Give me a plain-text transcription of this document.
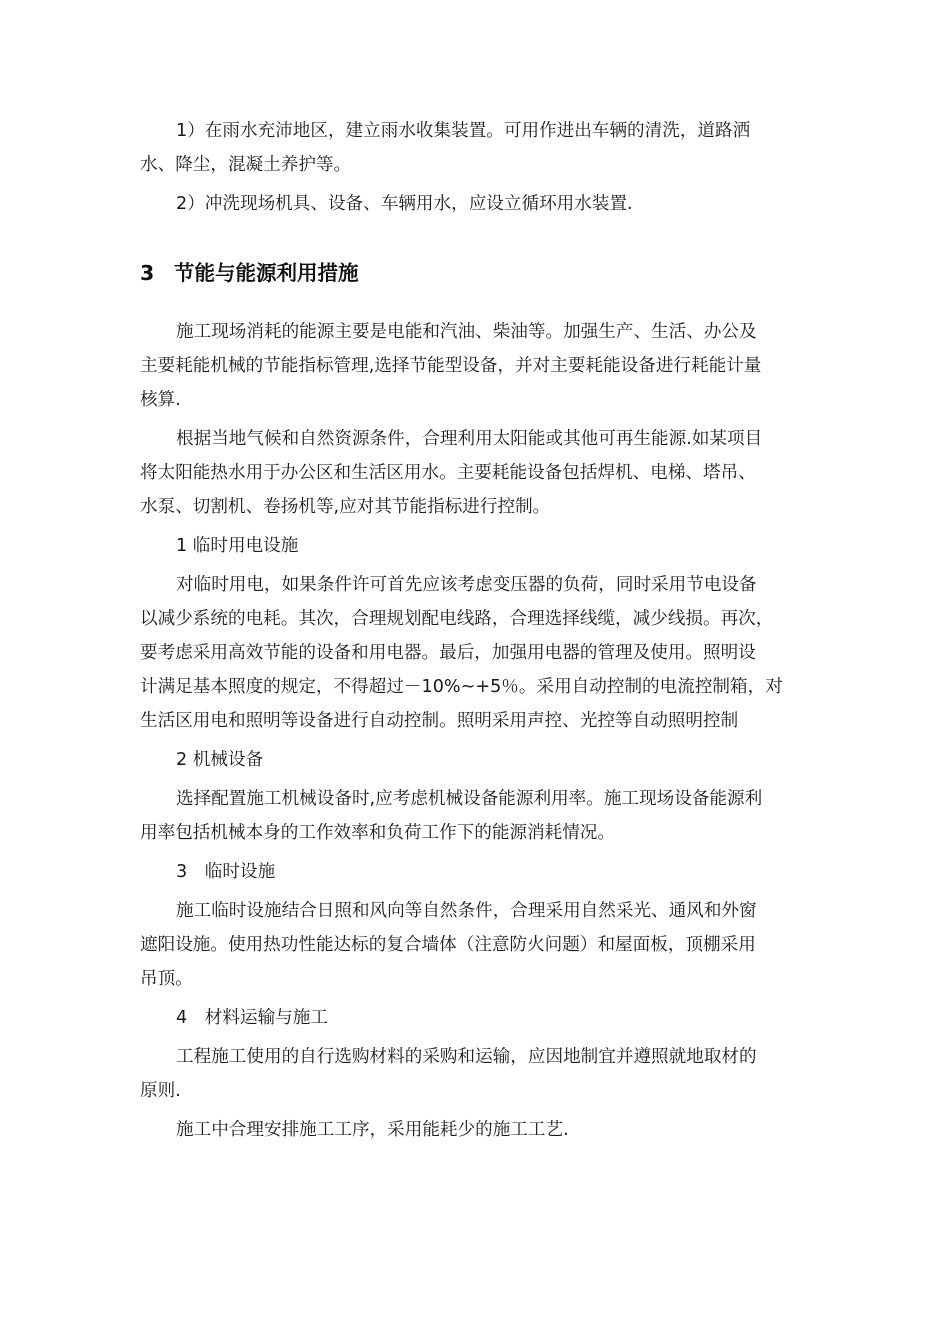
1）在雨水充沛地区，建立雨水收集装置。可用作进出车辆的清洗，道路洒

水、降尘，混凝土养护等。

2）冲洗现场机具、设备、车辆用水，应设立循环用水装置.

3 节能与能源利用措施

施工现场消耗的能源主要是电能和汽油、柴油等。加强生产、生活、办公及

主要耗能机械的节能指标管理,选择节能型设备，并对主要耗能设备进行耗能计量

核算.

根据当地气候和自然资源条件，合理利用太阳能或其他可再生能源.如某项目

将太阳能热水用于办公区和生活区用水。主要耗能设备包括焊机、电梯、塔吊、

水泵、切割机、卷扬机等,应对其节能指标进行控制。

1 临时用电设施

对临时用电，如果条件许可首先应该考虑变压器的负荷，同时采用节电设备

以减少系统的电耗。其次，合理规划配电线路，合理选择线缆，减少线损。再次，

要考虑采用高效节能的设备和用电器。最后，加强用电器的管理及使用。照明设

计满足基本照度的规定，不得超过－10%~+5％。采用自动控制的电流控制箱，对

生活区用电和照明等设备进行自动控制。照明采用声控、光控等自动照明控制

2 机械设备

选择配置施工机械设备时,应考虑机械设备能源利用率。施工现场设备能源利

用率包括机械本身的工作效率和负荷工作下的能源消耗情况。

3　临时设施

施工临时设施结合日照和风向等自然条件，合理采用自然采光、通风和外窗

遮阳设施。使用热功性能达标的复合墙体（注意防火问题）和屋面板，顶棚采用

吊顶。

4　材料运输与施工

工程施工使用的自行选购材料的采购和运输，应因地制宜并遵照就地取材的

原则.

施工中合理安排施工工序，采用能耗少的施工工艺.
